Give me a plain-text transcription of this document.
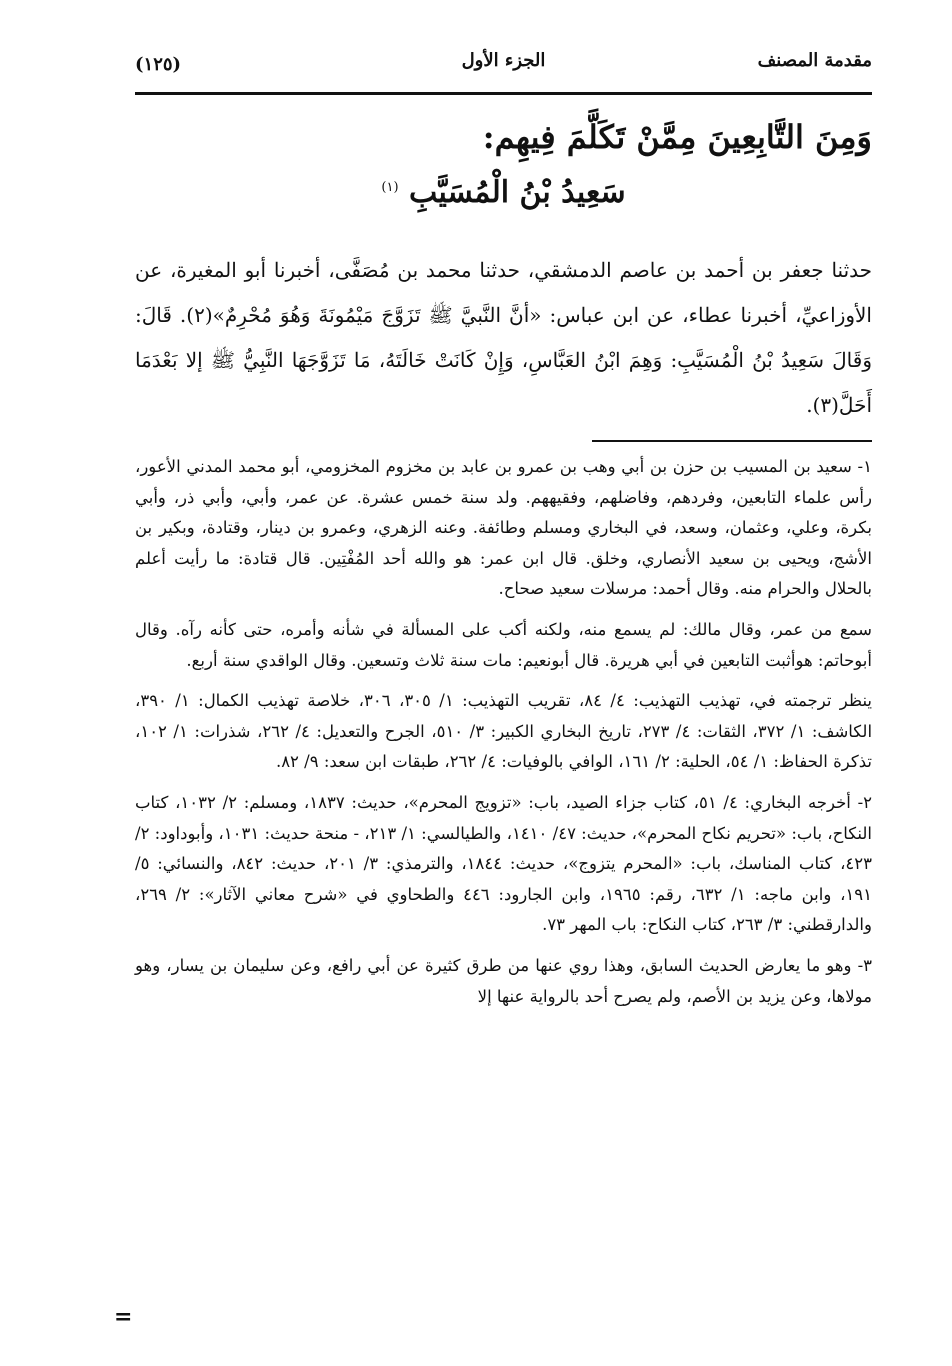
مقدمة المصنف
الجزء الأول
(١٢٥)
وَمِنَ التَّابِعِينَ مِمَّنْ تَكَلَّمَ فِيهِم:
سَعِيدُ بْنُ الْمُسَيَّبِ $^{(١)}$
حدثنا جعفر بن أحمد بن عاصم الدمشقي، حدثنا محمد بن مُصَفَّى، أخبرنا أبو المغيرة، عن الأوزاعيِّ، أخبرنا عطاء، عن ابن عباس: «أنَّ النَّبيَّ ﷺ تَزَوَّجَ مَيْمُونَةَ وَهُوَ مُحْرِمٌ»(٢). قَالَ: وَقَالَ سَعِيدُ بْنُ الْمُسَيَّبِ: وَهِمَ ابْنُ العَبَّاسِ، وَإِنْ كَانَتْ خَالَتَهُ، مَا تَزَوَّجَهَا النَّبِيُّ ﷺ إلا بَعْدَمَا أَحَلَّ(٣).

١- سعيد بن المسيب بن حزن بن أبي وهب بن عمرو بن عابد بن مخزوم المخزومي، أبو محمد المدني الأعور، رأس علماء التابعين، وفردهم، وفاضلهم، وفقيههم. ولد سنة خمس عشرة. عن عمر، وأبي، وأبي ذر، وأبي بكرة، وعلي، وعثمان، وسعد، في البخاري ومسلم وطائفة. وعنه الزهري، وعمرو بن دينار، وقتادة، وبكير بن الأشج، ويحيى بن سعيد الأنصاري، وخلق. قال ابن عمر: هو والله أحد المُفْتِين. قال قتادة: ما رأيت أعلم بالحلال والحرام منه. وقال أحمد: مرسلات سعيد صحاح.

سمع من عمر، وقال مالك: لم يسمع منه، ولكنه أكب على المسألة في شأنه وأمره، حتى كأنه رآه. وقال أبوحاتم: هوأثبت التابعين في أبي هريرة. قال أبونعيم: مات سنة ثلاث وتسعين. وقال الواقدي سنة أربع.

ينظر ترجمته في، تهذيب التهذيب: ٤/ ٨٤، تقريب التهذيب: ١/ ٣٠٥، ٣٠٦، خلاصة تهذيب الكمال: ١/ ٣٩٠، الكاشف: ١/ ٣٧٢، الثقات: ٤/ ٢٧٣، تاريخ البخاري الكبير: ٣/ ٥١٠، الجرح والتعديل: ٤/ ٢٦٢، شذرات: ١/ ١٠٢، تذكرة الحفاظ: ١/ ٥٤، الحلية: ٢/ ١٦١، الوافي بالوفيات: ٤/ ٢٦٢، طبقات ابن سعد: ٩/ ٨٢.

٢- أخرجه البخاري: ٤/ ٥١، كتاب جزاء الصيد، باب: «تزويج المحرم»، حديث: ١٨٣٧، ومسلم: ٢/ ١٠٣٢، كتاب النكاح، باب: «تحريم نكاح المحرم»، حديث: ٤٧/ ١٤١٠، والطيالسي: ١/ ٢١٣، - منحة حديث: ١٠٣١، وأبوداود: ٢/ ٤٢٣، كتاب المناسك، باب: «المحرم يتزوج»، حديث: ١٨٤٤، والترمذي: ٣/ ٢٠١، حديث: ٨٤٢، والنسائي: ٥/ ١٩١، وابن ماجه: ١/ ٦٣٢، رقم: ١٩٦٥، وابن الجارود: ٤٤٦ والطحاوي في «شرح معاني الآثار»: ٢/ ٢٦٩، والدارقطني: ٣/ ٢٦٣، كتاب النكاح: باب المهر ٧٣.

٣- وهو ما يعارض الحديث السابق، وهذا روي عنها من طرق كثيرة عن أبي رافع، وعن سليمان بن يسار، وهو مولاها، وعن يزيد بن الأصم، ولم يصرح أحد بالرواية عنها إلا

=
